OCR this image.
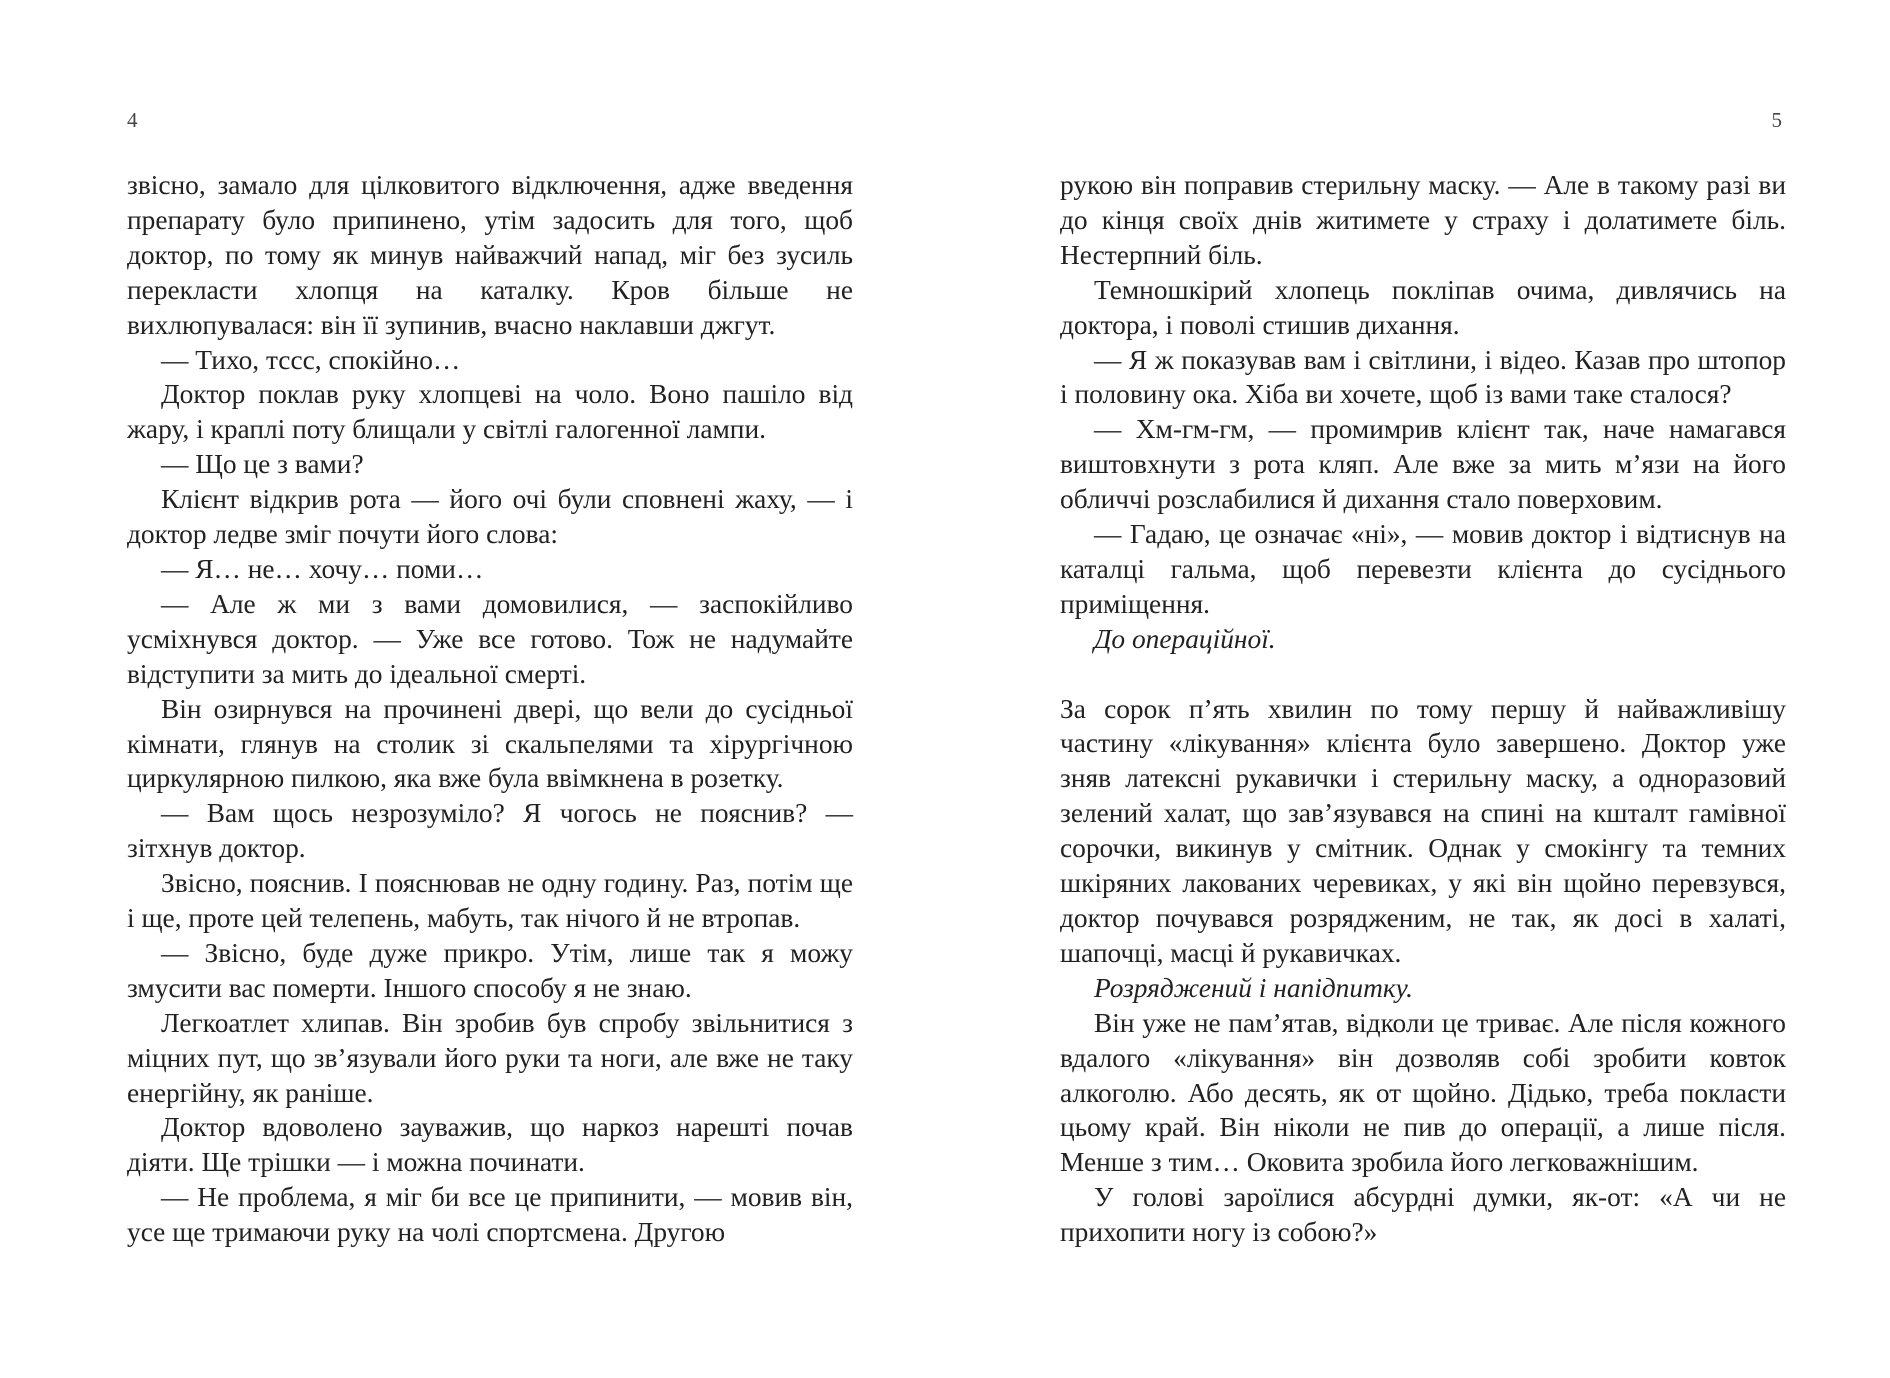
4

звісно, замало для цілковитого відключення, адже введення препарату було припинено, утім задосить для того, щоб доктор, по тому як минув найважчий напад, міг без зусиль перекласти хлопця на каталку. Кров більше не вихлюпувалася: він її зупинив, вчасно наклавши джгут.

— Тихо, тссс, спокійно…

Доктор поклав руку хлопцеві на чоло. Воно пашіло від жару, і краплі поту блищали у світлі галогенної лампи.

— Що це з вами?

Клієнт відкрив рота — його очі були сповнені жаху, — і доктор ледве зміг почути його слова:

— Я… не… хочу… поми…

— Але ж ми з вами домовилися, — заспокійливо усміхнувся доктор. — Уже все готово. Тож не надумайте відступити за мить до ідеальної смерті.

Він озирнувся на прочинені двері, що вели до сусідньої кімнати, глянув на столик зі скальпелями та хірургічною циркулярною пилкою, яка вже була ввімкнена в розетку.

— Вам щось незрозуміло? Я чогось не пояснив? — зітхнув доктор.

Звісно, пояснив. І пояснював не одну годину. Раз, потім ще і ще, проте цей телепень, мабуть, так нічого й не втропав.

— Звісно, буде дуже прикро. Утім, лише так я можу змусити вас померти. Іншого способу я не знаю.

Легкоатлет хлипав. Він зробив був спробу звільнитися з міцних пут, що зв’язували його руки та ноги, але вже не таку енергійну, як раніше.

Доктор вдоволено зауважив, що наркоз нарешті почав діяти. Ще трішки — і можна починати.

— Не проблема, я міг би все це припинити, — мовив він, усе ще тримаючи руку на чолі спортсмена. Другою

5

рукою він поправив стерильну маску. — Але в такому разі ви до кінця своїх днів житимете у страху і долатимете біль. Нестерпний біль.

Темношкірий хлопець покліпав очима, дивлячись на доктора, і поволі стишив дихання.

— Я ж показував вам і світлини, і відео. Казав про штопор і половину ока. Хіба ви хочете, щоб із вами таке сталося?

— Хм-гм-гм, — промимрив клієнт так, наче намагався виштовхнути з рота кляп. Але вже за мить м’язи на його обличчі розслабилися й дихання стало поверховим.

— Гадаю, це означає «ні», — мовив доктор і відтиснув на каталці гальма, щоб перевезти клієнта до сусіднього приміщення.

До операційної.

За сорок п’ять хвилин по тому першу й найважливішу частину «лікування» клієнта було завершено. Доктор уже зняв латексні рукавички і стерильну маску, а одноразовий зелений халат, що зав’язувався на спині на кшталт гамівної сорочки, викинув у смітник. Однак у смокінгу та темних шкіряних лакованих черевиках, у які він щойно перевзувся, доктор почувався розрядженим, не так, як досі в халаті, шапочці, масці й рукавичках.

Розряджений і напідпитку.

Він уже не пам’ятав, відколи це триває. Але після кожного вдалого «лікування» він дозволяв собі зробити ковток алкоголю. Або десять, як от щойно. Дідько, треба покласти цьому край. Він ніколи не пив до операції, а лише після. Менше з тим… Оковита зробила його легковажнішим.

У голові зароїлися абсурдні думки, як-от: «А чи не прихопити ногу із собою?»
